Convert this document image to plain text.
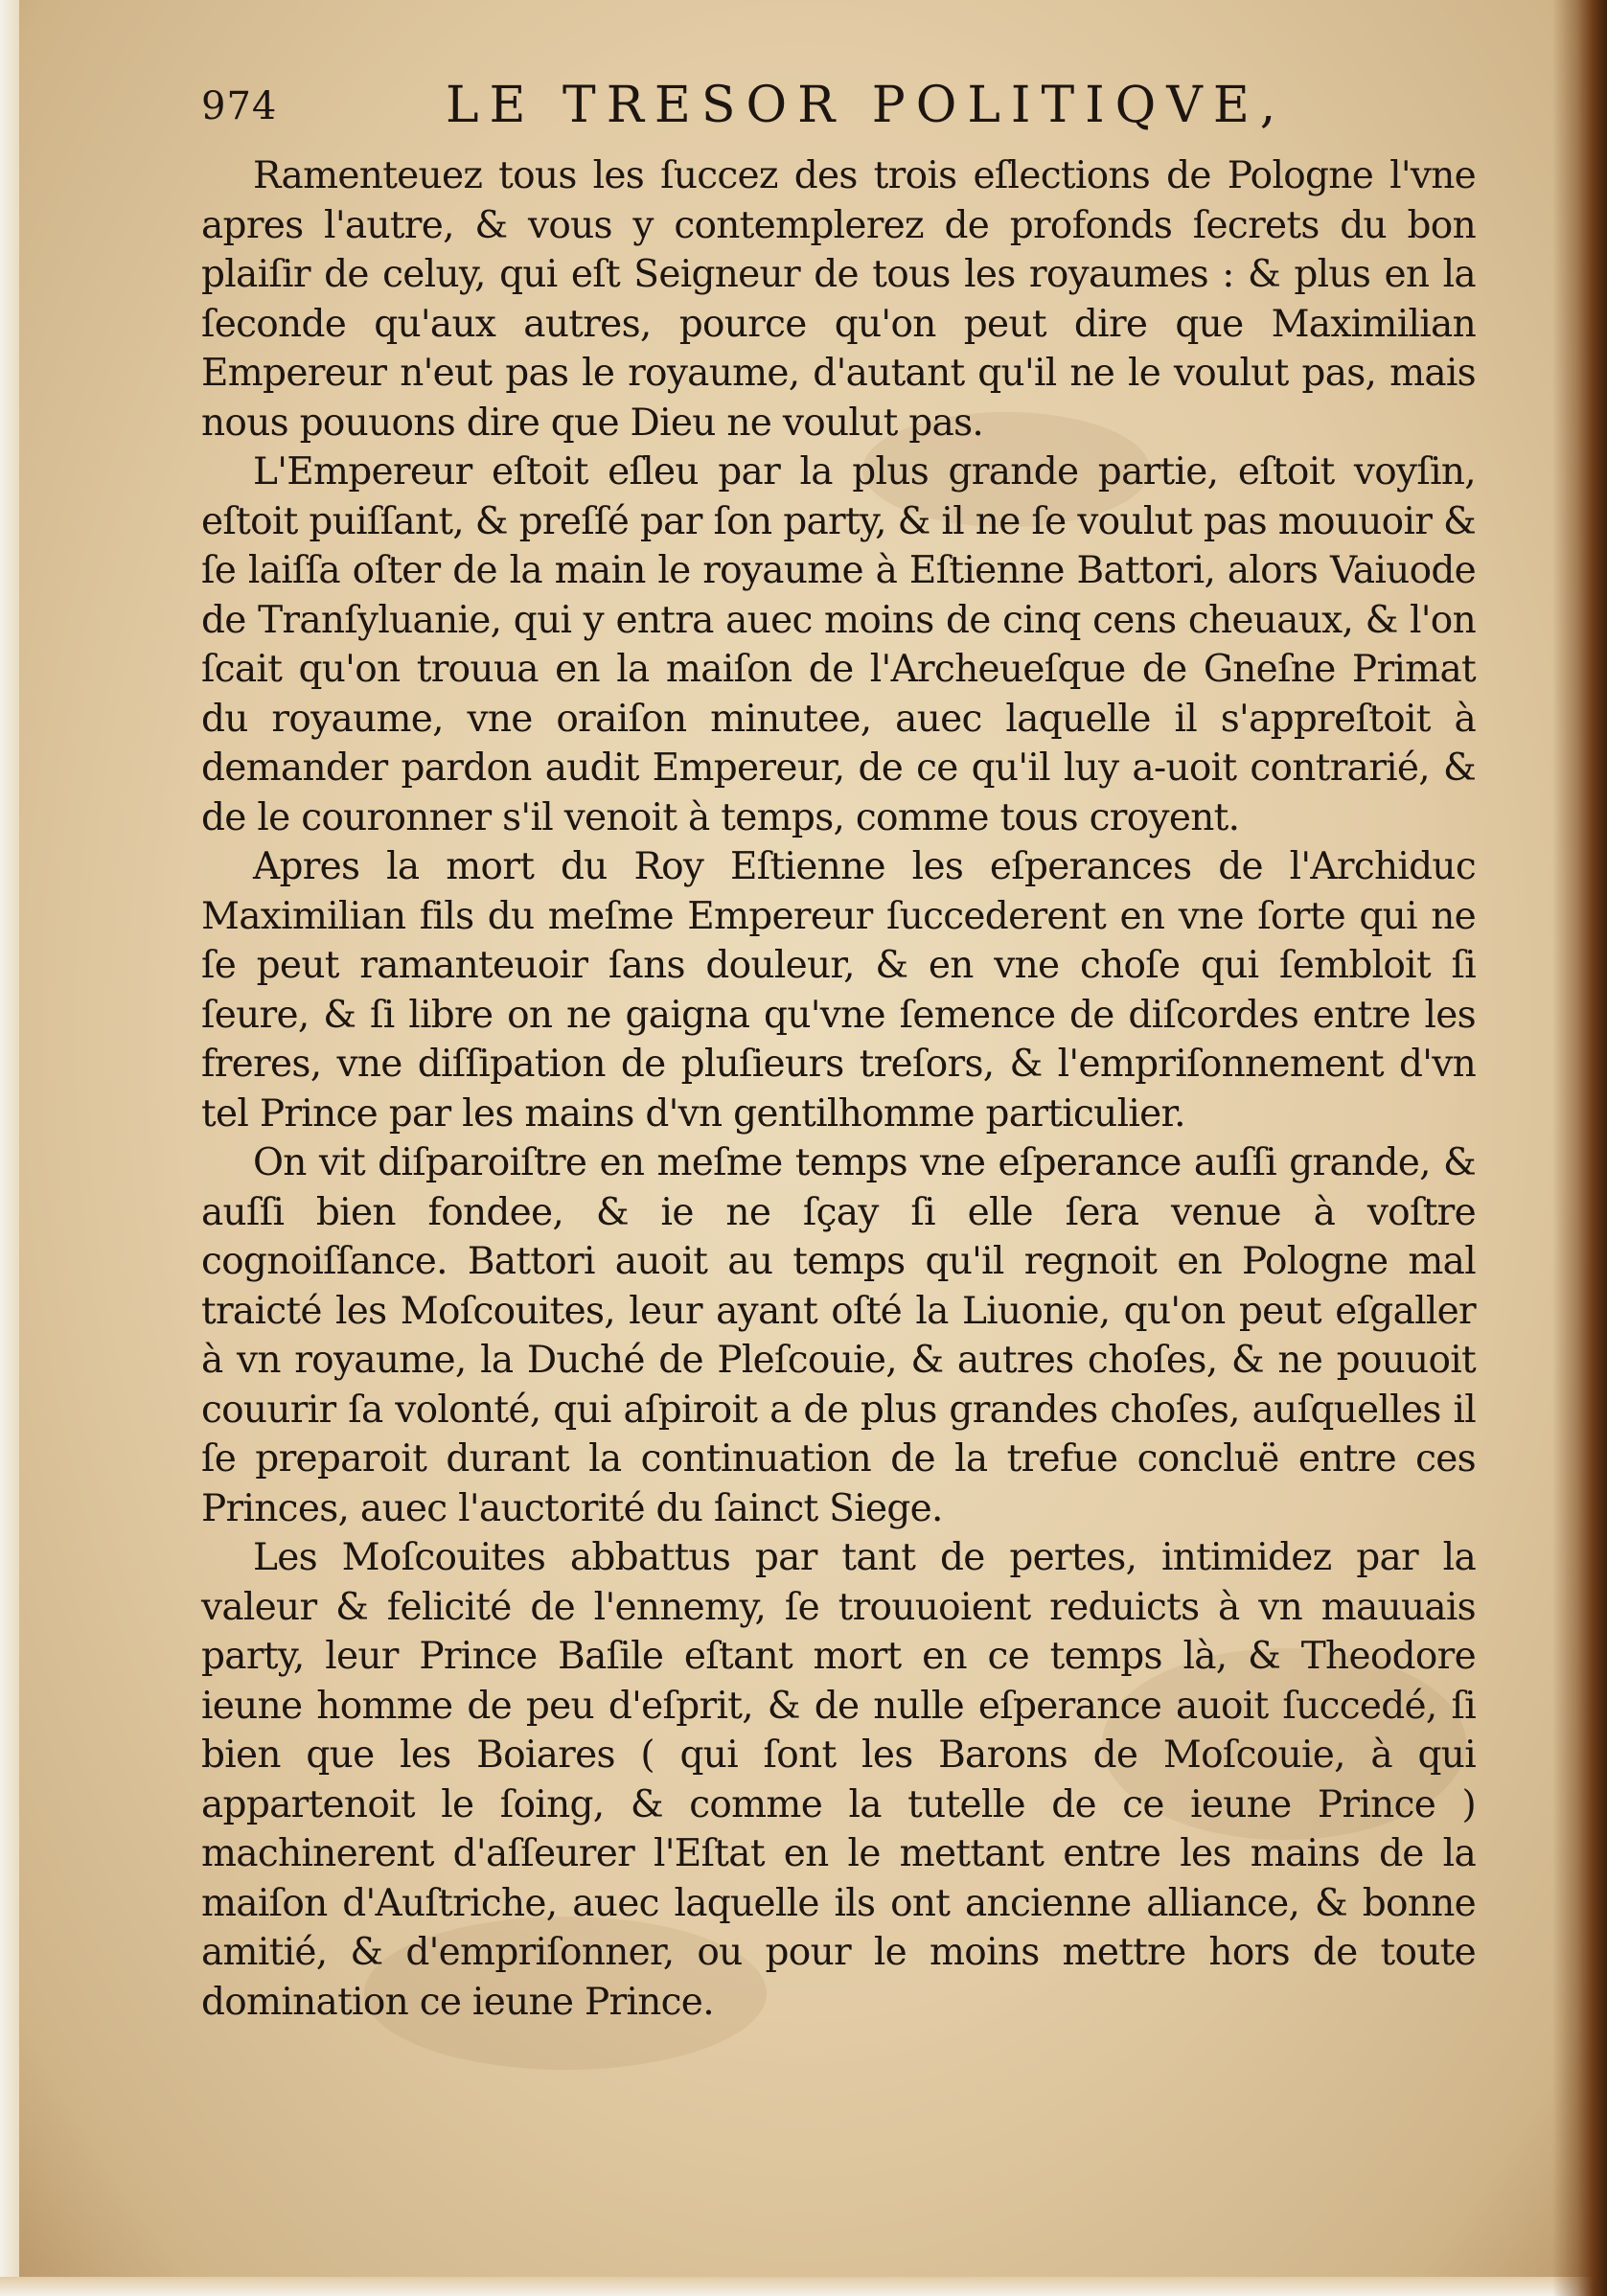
974	LE TRESOR POLITIQVE,

Ramenteuez tous les ſuccez des trois eſlections de Pologne l'vne apres l'autre, & vous y contemplerez de profonds ſecrets du bon plaiſir de celuy, qui eſt Seigneur de tous les royaumes : & plus en la ſeconde qu'aux autres, pource qu'on peut dire que Maximilian Empereur n'eut pas le royaume, d'autant qu'il ne le voulut pas, mais nous pouuons dire que Dieu ne voulut pas.

L'Empereur eſtoit eſleu par la plus grande partie, eſtoit voyſin, eſtoit puiſſant, & preſſé par ſon party, & il ne ſe voulut pas mouuoir & ſe laiſſa oſter de la main le royaume à Eſtienne Battori, alors Vaiuode de Tranſyluanie, qui y entra auec moins de cinq cens cheuaux, & l'on ſcait qu'on trouua en la maiſon de l'Archeueſque de Gneſne Primat du royaume, vne oraiſon minutee, auec laquelle il s'appreſtoit à demander pardon audit Empereur, de ce qu'il luy a-uoit contrarié, & de le couronner s'il venoit à temps, comme tous croyent.

Apres la mort du Roy Eſtienne les eſperances de l'Archiduc Maximilian fils du meſme Empereur ſuccederent en vne ſorte qui ne ſe peut ramanteuoir ſans douleur, & en vne choſe qui ſembloit ſi ſeure, & ſi libre on ne gaigna qu'vne ſemence de diſcordes entre les freres, vne diſſipation de pluſieurs treſors, & l'empriſonnement d'vn tel Prince par les mains d'vn gentilhomme particulier.

On vit diſparoiſtre en meſme temps vne eſperance auſſi grande, & auſſi bien fondee, & ie ne ſçay ſi elle ſera venue à voſtre cognoiſſance. Battori auoit au temps qu'il regnoit en Pologne mal traicté les Moſcouites, leur ayant oſté la Liuonie, qu'on peut eſgaller à vn royaume, la Duché de Pleſcouie, & autres choſes, & ne pouuoit couurir ſa volonté, qui aſpiroit a de plus grandes choſes, auſquelles il ſe preparoit durant la continuation de la trefue concluë entre ces Princes, auec l'auctorité du ſainct Siege.

Les Moſcouites abbattus par tant de pertes, intimidez par la valeur & felicité de l'ennemy, ſe trouuoient reduicts à vn mauuais party, leur Prince Baſile eſtant mort en ce temps là, & Theodore ieune homme de peu d'eſprit, & de nulle eſperance auoit ſuccedé, ſi bien que les Boiares ( qui ſont les Barons de Moſcouie, à qui appartenoit le ſoing, & comme la tutelle de ce ieune Prince ) machinerent d'aſſeurer l'Eſtat en le mettant entre les mains de la maiſon d'Auſtriche, auec laquelle ils ont ancienne alliance, & bonne amitié, & d'empriſonner, ou pour le moins mettre hors de toute domination ce ieune Prince.
